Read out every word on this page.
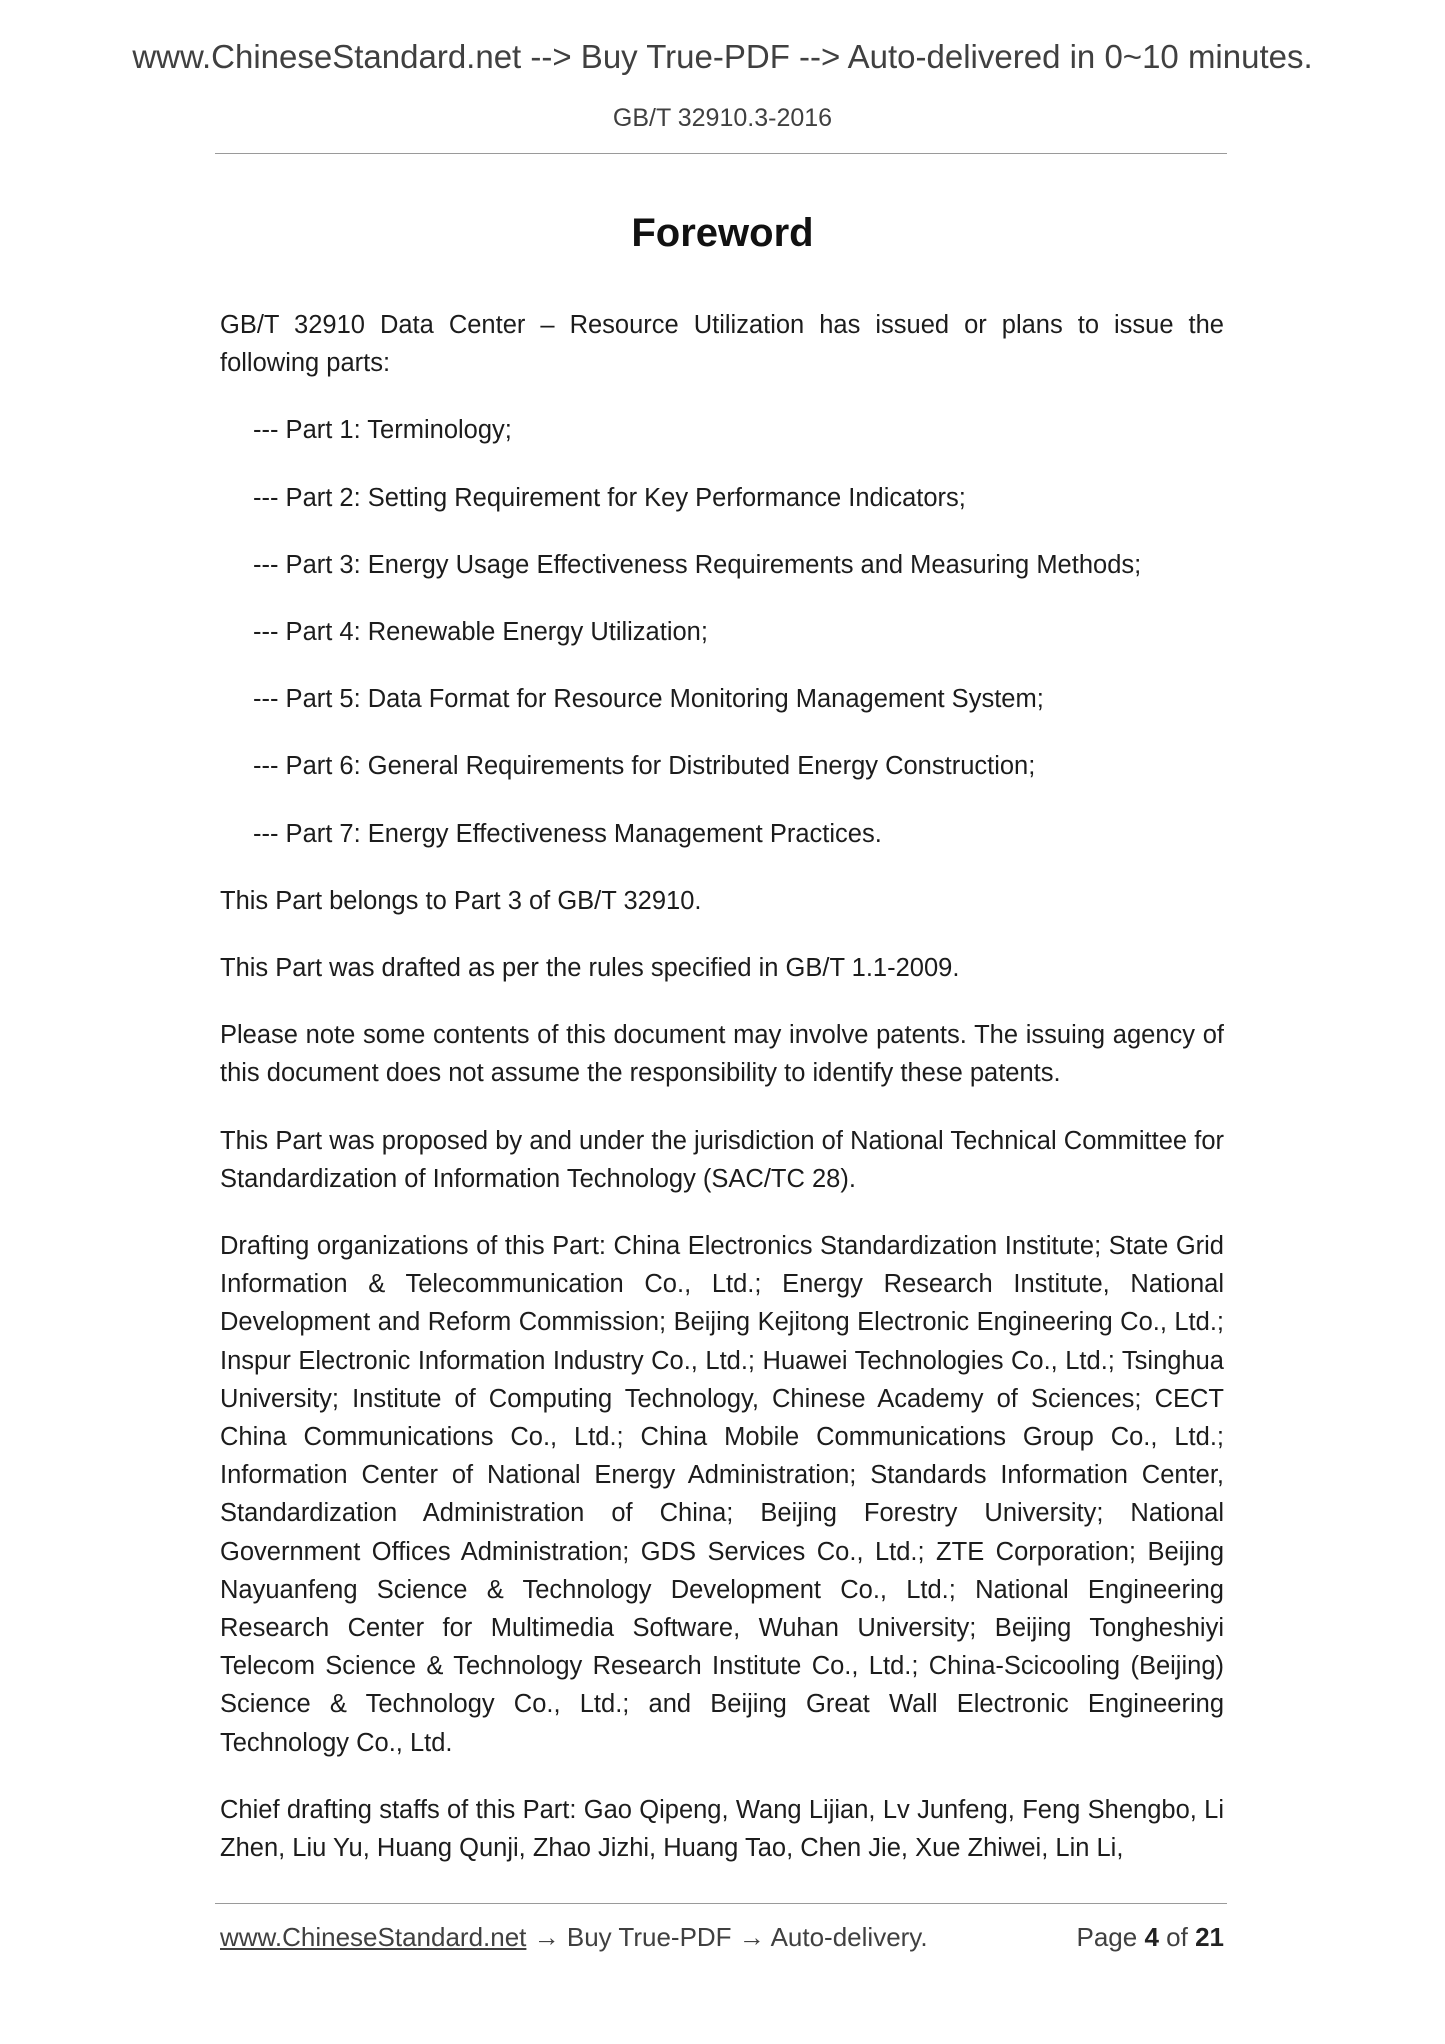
www.ChineseStandard.net --> Buy True-PDF --> Auto-delivered in 0~10 minutes.
GB/T 32910.3-2016
Foreword

GB/T 32910 Data Center – Resource Utilization has issued or plans to issue the following parts:

--- Part 1: Terminology;

--- Part 2: Setting Requirement for Key Performance Indicators;

--- Part 3: Energy Usage Effectiveness Requirements and Measuring Methods;

--- Part 4: Renewable Energy Utilization;

--- Part 5: Data Format for Resource Monitoring Management System;

--- Part 6: General Requirements for Distributed Energy Construction;

--- Part 7: Energy Effectiveness Management Practices.

This Part belongs to Part 3 of GB/T 32910.

This Part was drafted as per the rules specified in GB/T 1.1-2009.

Please note some contents of this document may involve patents. The issuing agency of this document does not assume the responsibility to identify these patents.

This Part was proposed by and under the jurisdiction of National Technical Committee for Standardization of Information Technology (SAC/TC 28).

Drafting organizations of this Part: China Electronics Standardization Institute; State Grid Information & Telecommunication Co., Ltd.; Energy Research Institute, National Development and Reform Commission; Beijing Kejitong Electronic Engineering Co., Ltd.; Inspur Electronic Information Industry Co., Ltd.; Huawei Technologies Co., Ltd.; Tsinghua University; Institute of Computing Technology, Chinese Academy of Sciences; CECT China Communications Co., Ltd.; China Mobile Communications Group Co., Ltd.; Information Center of National Energy Administration; Standards Information Center, Standardization Administration of China; Beijing Forestry University; National Government Offices Administration; GDS Services Co., Ltd.; ZTE Corporation; Beijing Nayuanfeng Science & Technology Development Co., Ltd.; National Engineering Research Center for Multimedia Software, Wuhan University; Beijing Tongheshiyi Telecom Science & Technology Research Institute Co., Ltd.; China-Scicooling (Beijing) Science & Technology Co., Ltd.; and Beijing Great Wall Electronic Engineering Technology Co., Ltd.

Chief drafting staffs of this Part: Gao Qipeng, Wang Lijian, Lv Junfeng, Feng Shengbo, Li Zhen, Liu Yu, Huang Qunji, Zhao Jizhi, Huang Tao, Chen Jie, Xue Zhiwei, Lin Li,

www.ChineseStandard.net → Buy True-PDF → Auto-delivery.	Page 4 of 21
